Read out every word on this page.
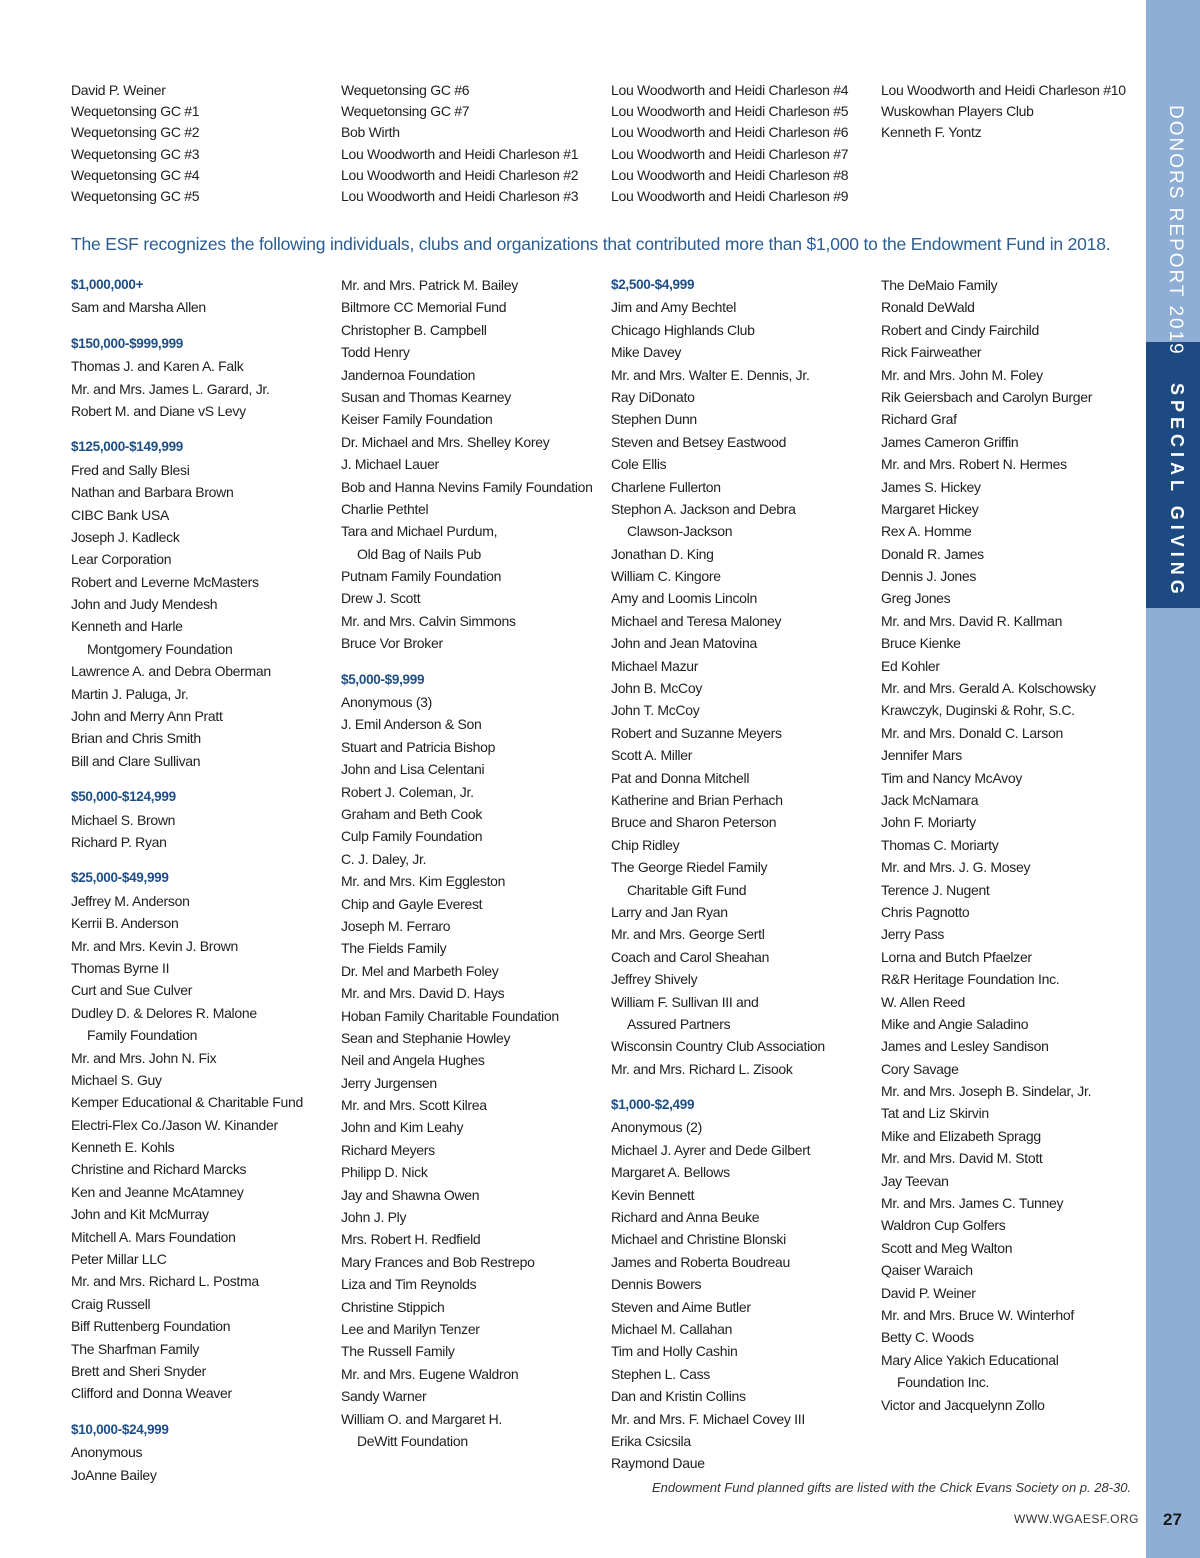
David P. Weiner
Wequetonsing GC #1
Wequetonsing GC #2
Wequetonsing GC #3
Wequetonsing GC #4
Wequetonsing GC #5
Wequetonsing GC #6
Wequetonsing GC #7
Bob Wirth
Lou Woodworth and Heidi Charleson #1
Lou Woodworth and Heidi Charleson #2
Lou Woodworth and Heidi Charleson #3
Lou Woodworth and Heidi Charleson #4
Lou Woodworth and Heidi Charleson #5
Lou Woodworth and Heidi Charleson #6
Lou Woodworth and Heidi Charleson #7
Lou Woodworth and Heidi Charleson #8
Lou Woodworth and Heidi Charleson #9
Lou Woodworth and Heidi Charleson #10
Wuskowhan Players Club
Kenneth F. Yontz
The ESF recognizes the following individuals, clubs and organizations that contributed more than $1,000 to the Endowment Fund in 2018.
$1,000,000+
Sam and Marsha Allen
$150,000-$999,999
Thomas J. and Karen A. Falk
Mr. and Mrs. James L. Garard, Jr.
Robert M. and Diane vS Levy
$125,000-$149,999
Fred and Sally Blesi
Nathan and Barbara Brown
CIBC Bank USA
Joseph J. Kadleck
Lear Corporation
Robert and Leverne McMasters
John and Judy Mendesh
Kenneth and Harle
Montgomery Foundation
Lawrence A. and Debra Oberman
Martin J. Paluga, Jr.
John and Merry Ann Pratt
Brian and Chris Smith
Bill and Clare Sullivan
$50,000-$124,999
Michael S. Brown
Richard P. Ryan
$25,000-$49,999
Jeffrey M. Anderson
Kerrii B. Anderson
Mr. and Mrs. Kevin J. Brown
Thomas Byrne II
Curt and Sue Culver
Dudley D. & Delores R. Malone
Family Foundation
Mr. and Mrs. John N. Fix
Michael S. Guy
Kemper Educational & Charitable Fund
Electri-Flex Co./Jason W. Kinander
Kenneth E. Kohls
Christine and Richard Marcks
Ken and Jeanne McAtamney
John and Kit McMurray
Mitchell A. Mars Foundation
Peter Millar LLC
Mr. and Mrs. Richard L. Postma
Craig Russell
Biff Ruttenberg Foundation
The Sharfman Family
Brett and Sheri Snyder
Clifford and Donna Weaver
$10,000-$24,999
Anonymous
JoAnne Bailey
Mr. and Mrs. Patrick M. Bailey
Biltmore CC Memorial Fund
Christopher B. Campbell
Todd Henry
Jandernoa Foundation
Susan and Thomas Kearney
Keiser Family Foundation
Dr. Michael and Mrs. Shelley Korey
J. Michael Lauer
Bob and Hanna Nevins Family Foundation
Charlie Pethtel
Tara and Michael Purdum,
Old Bag of Nails Pub
Putnam Family Foundation
Drew J. Scott
Mr. and Mrs. Calvin Simmons
Bruce Vor Broker
$5,000-$9,999
Anonymous (3)
J. Emil Anderson & Son
Stuart and Patricia Bishop
John and Lisa Celentani
Robert J. Coleman, Jr.
Graham and Beth Cook
Culp Family Foundation
C. J. Daley, Jr.
Mr. and Mrs. Kim Eggleston
Chip and Gayle Everest
Joseph M. Ferraro
The Fields Family
Dr. Mel and Marbeth Foley
Mr. and Mrs. David D. Hays
Hoban Family Charitable Foundation
Sean and Stephanie Howley
Neil and Angela Hughes
Jerry Jurgensen
Mr. and Mrs. Scott Kilrea
John and Kim Leahy
Richard Meyers
Philipp D. Nick
Jay and Shawna Owen
John J. Ply
Mrs. Robert H. Redfield
Mary Frances and Bob Restrepo
Liza and Tim Reynolds
Christine Stippich
Lee and Marilyn Tenzer
The Russell Family
Mr. and Mrs. Eugene Waldron
Sandy Warner
William O. and Margaret H.
DeWitt Foundation
$2,500-$4,999
Jim and Amy Bechtel
Chicago Highlands Club
Mike Davey
Mr. and Mrs. Walter E. Dennis, Jr.
Ray DiDonato
Stephen Dunn
Steven and Betsey Eastwood
Cole Ellis
Charlene Fullerton
Stephon A. Jackson and Debra
Clawson-Jackson
Jonathan D. King
William C. Kingore
Amy and Loomis Lincoln
Michael and Teresa Maloney
John and Jean Matovina
Michael Mazur
John B. McCoy
John T. McCoy
Robert and Suzanne Meyers
Scott A. Miller
Pat and Donna Mitchell
Katherine and Brian Perhach
Bruce and Sharon Peterson
Chip Ridley
The George Riedel Family
Charitable Gift Fund
Larry and Jan Ryan
Mr. and Mrs. George Sertl
Coach and Carol Sheahan
Jeffrey Shively
William F. Sullivan III and
Assured Partners
Wisconsin Country Club Association
Mr. and Mrs. Richard L. Zisook
$1,000-$2,499
Anonymous (2)
Michael J. Ayrer and Dede Gilbert
Margaret A. Bellows
Kevin Bennett
Richard and Anna Beuke
Michael and Christine Blonski
James and Roberta Boudreau
Dennis Bowers
Steven and Aime Butler
Michael M. Callahan
Tim and Holly Cashin
Stephen L. Cass
Dan and Kristin Collins
Mr. and Mrs. F. Michael Covey III
Erika Csicsila
Raymond Daue
The DeMaio Family
Ronald DeWald
Robert and Cindy Fairchild
Rick Fairweather
Mr. and Mrs. John M. Foley
Rik Geiersbach and Carolyn Burger
Richard Graf
James Cameron Griffin
Mr. and Mrs. Robert N. Hermes
James S. Hickey
Margaret Hickey
Rex A. Homme
Donald R. James
Dennis J. Jones
Greg Jones
Mr. and Mrs. David R. Kallman
Bruce Kienke
Ed Kohler
Mr. and Mrs. Gerald A. Kolschowsky
Krawczyk, Duginski & Rohr, S.C.
Mr. and Mrs. Donald C. Larson
Jennifer Mars
Tim and Nancy McAvoy
Jack McNamara
John F. Moriarty
Thomas C. Moriarty
Mr. and Mrs. J. G. Mosey
Terence J. Nugent
Chris Pagnotto
Jerry Pass
Lorna and Butch Pfaelzer
R&R Heritage Foundation Inc.
W. Allen Reed
Mike and Angie Saladino
James and Lesley Sandison
Cory Savage
Mr. and Mrs. Joseph B. Sindelar, Jr.
Tat and Liz Skirvin
Mike and Elizabeth Spragg
Mr. and Mrs. David M. Stott
Jay Teevan
Mr. and Mrs. James C. Tunney
Waldron Cup Golfers
Scott and Meg Walton
Qaiser Waraich
David P. Weiner
Mr. and Mrs. Bruce W. Winterhof
Betty C. Woods
Mary Alice Yakich Educational
Foundation Inc.
Victor and Jacquelynn Zollo
Endowment Fund planned gifts are listed with the Chick Evans Society on p. 28-30.
DONORS REPORT 2019
SPECIAL GIVING
WWW.WGAESF.ORG 27
